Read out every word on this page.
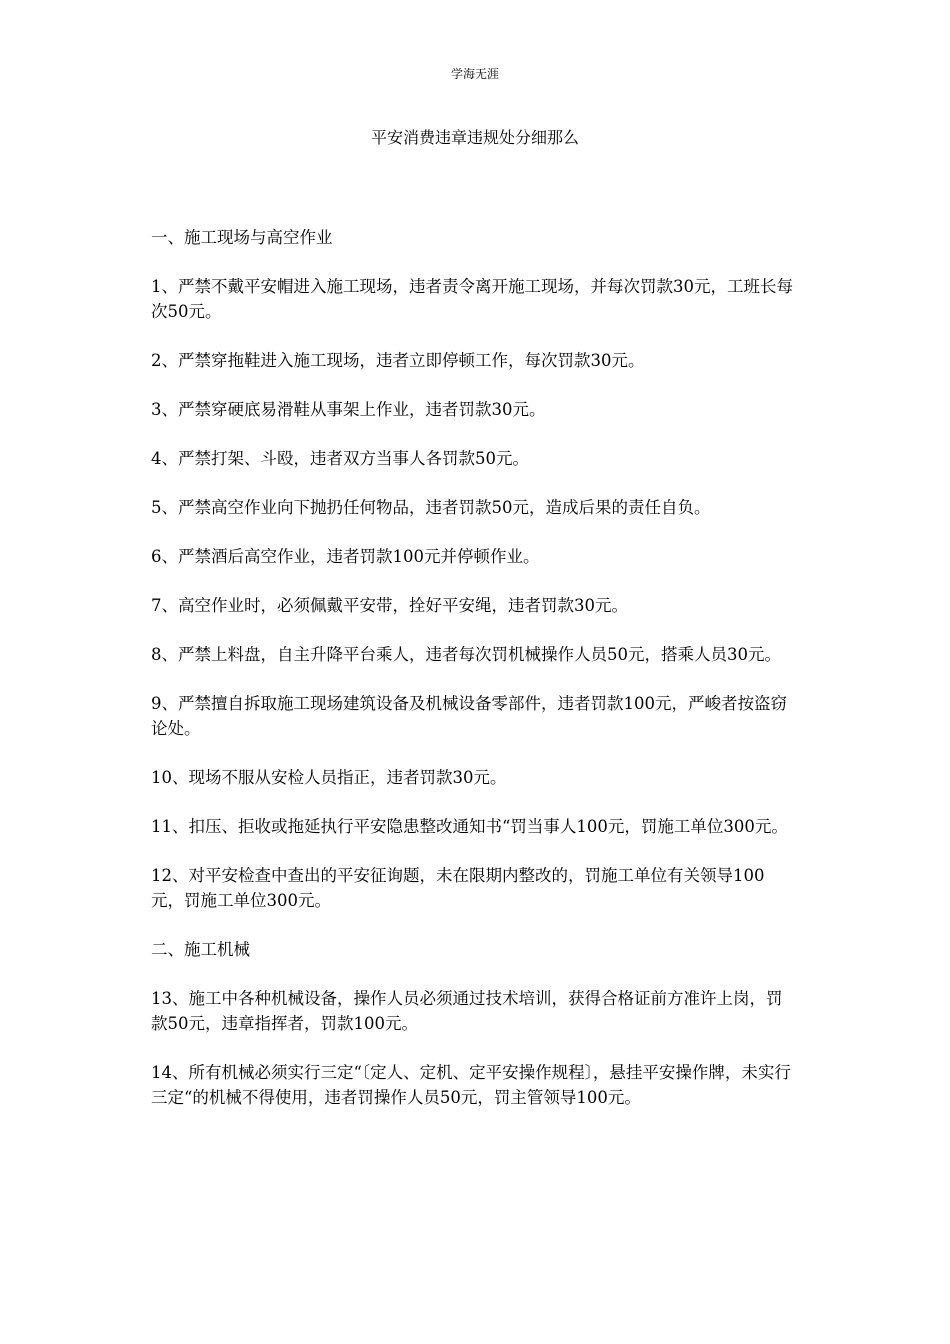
学海无涯
平安消费违章违规处分细那么

一、施工现场与高空作业

1、严禁不戴平安帽进入施工现场，违者责令离开施工现场，并每次罚款30元，工班长每次50元。

2、严禁穿拖鞋进入施工现场，违者立即停顿工作，每次罚款30元。

3、严禁穿硬底易滑鞋从事架上作业，违者罚款30元。

4、严禁打架、斗殴，违者双方当事人各罚款50元。

5、严禁高空作业向下抛扔任何物品，违者罚款50元，造成后果的责任自负。

6、严禁酒后高空作业，违者罚款100元并停顿作业。

7、高空作业时，必须佩戴平安带，拴好平安绳，违者罚款30元。

8、严禁上料盘，自主升降平台乘人，违者每次罚机械操作人员50元，搭乘人员30元。

9、严禁擅自拆取施工现场建筑设备及机械设备零部件，违者罚款100元，严峻者按盗窃论处。

10、现场不服从安检人员指正，违者罚款30元。

11、扣压、拒收或拖延执行平安隐患整改通知书“罚当事人100元，罚施工单位300元。

12、对平安检查中查出的平安征询题，未在限期内整改的，罚施工单位有关领导100元，罚施工单位300元。

二、施工机械

13、施工中各种机械设备，操作人员必须通过技术培训，获得合格证前方准许上岗，罚款50元，违章指挥者，罚款100元。

14、所有机械必须实行三定“〔定人、定机、定平安操作规程〕，悬挂平安操作牌，未实行三定“的机械不得使用，违者罚操作人员50元，罚主管领导100元。
